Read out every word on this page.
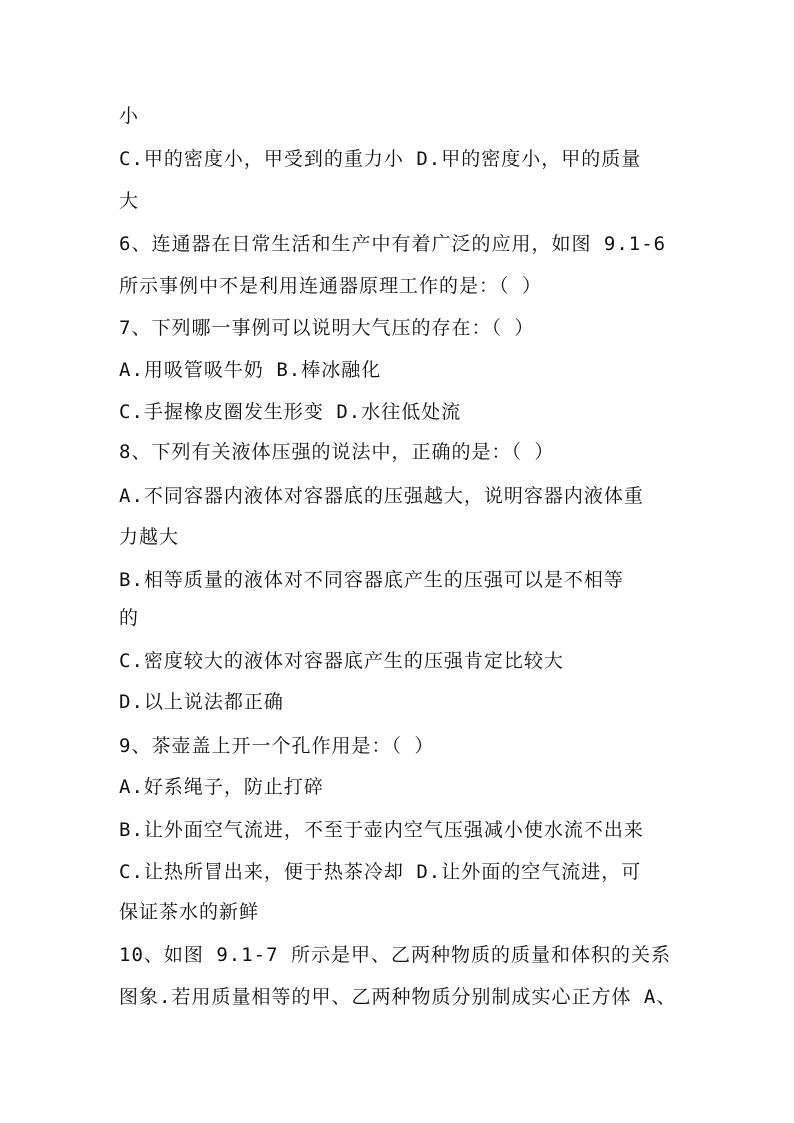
小
C.甲的密度小，甲受到的重力小 D.甲的密度小，甲的质量
大
6、连通器在日常生活和生产中有着广泛的应用，如图 9.1-6
所示事例中不是利用连通器原理工作的是：（ ）
7、下列哪一事例可以说明大气压的存在：（ ）
A.用吸管吸牛奶 B.棒冰融化
C.手握橡皮圈发生形变 D.水往低处流
8、下列有关液体压强的说法中，正确的是：（ ）
A.不同容器内液体对容器底的压强越大，说明容器内液体重
力越大
B.相等质量的液体对不同容器底产生的压强可以是不相等
的
C.密度较大的液体对容器底产生的压强肯定比较大
D.以上说法都正确
9、茶壶盖上开一个孔作用是：（ ）
A.好系绳子，防止打碎
B.让外面空气流进，不至于壶内空气压强减小使水流不出来
C.让热所冒出来，便于热茶冷却 D.让外面的空气流进，可
保证茶水的新鲜
10、如图 9.1-7 所示是甲、乙两种物质的质量和体积的关系
图象.若用质量相等的甲、乙两种物质分别制成实心正方体 A、
